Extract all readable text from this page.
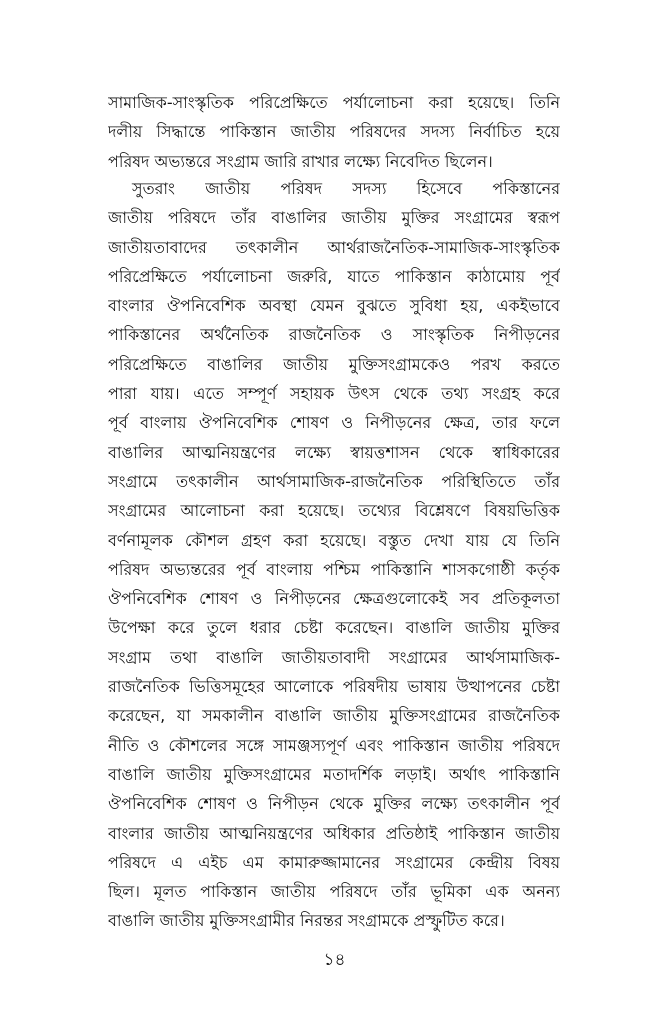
সামাজিক-সাংস্কৃতিক পরিপ্রেক্ষিতে পর্যালোচনা করা হয়েছে। তিনি
দলীয় সিদ্ধান্তে পাকিস্তান জাতীয় পরিষদের সদস্য নির্বাচিত হয়ে
পরিষদ অভ্যন্তরে সংগ্রাম জারি রাখার লক্ষ্যে নিবেদিত ছিলেন।
সুতরাং জাতীয় পরিষদ সদস্য হিসেবে পকিস্তানের
জাতীয় পরিষদে তাঁর বাঙালির জাতীয় মুক্তির সংগ্রামের স্বরূপ
জাতীয়তাবাদের তৎকালীন আর্থরাজনৈতিক-সামাজিক-সাংস্কৃতিক
পরিপ্রেক্ষিতে পর্যালোচনা জরুরি, যাতে পাকিস্তান কাঠামোয় পূর্ব
বাংলার ঔপনিবেশিক অবস্থা যেমন বুঝতে সুবিধা হয়, একইভাবে
পাকিস্তানের অর্থনৈতিক রাজনৈতিক ও সাংস্কৃতিক নিপীড়নের
পরিপ্রেক্ষিতে বাঙালির জাতীয় মুক্তিসংগ্রামকেও পরখ করতে
পারা যায়। এতে সম্পূর্ণ সহায়ক উৎস থেকে তথ্য সংগ্রহ করে
পূর্ব বাংলায় ঔপনিবেশিক শোষণ ও নিপীড়নের ক্ষেত্র, তার ফলে
বাঙালির আত্মনিয়ন্ত্রণের লক্ষ্যে স্বায়ত্তশাসন থেকে স্বাধিকারের
সংগ্রামে তৎকালীন আর্থসামাজিক-রাজনৈতিক পরিস্থিতিতে তাঁর
সংগ্রামের আলোচনা করা হয়েছে। তথ্যের বিশ্লেষণে বিষয়ভিত্তিক
বর্ণনামূলক কৌশল গ্রহণ করা হয়েছে। বস্তুত দেখা যায় যে তিনি
পরিষদ অভ্যন্তরের পূর্ব বাংলায় পশ্চিম পাকিস্তানি শাসকগোষ্ঠী কর্তৃক
ঔপনিবেশিক শোষণ ও নিপীড়নের ক্ষেত্রগুলোকেই সব প্রতিকূলতা
উপেক্ষা করে তুলে ধরার চেষ্টা করেছেন। বাঙালি জাতীয় মুক্তির
সংগ্রাম তথা বাঙালি জাতীয়তাবাদী সংগ্রামের আর্থসামাজিক-
রাজনৈতিক ভিত্তিসমূহের আলোকে পরিষদীয় ভাষায় উত্থাপনের চেষ্টা
করেছেন, যা সমকালীন বাঙালি জাতীয় মুক্তিসংগ্রামের রাজনৈতিক
নীতি ও কৌশলের সঙ্গে সামঞ্জস্যপূর্ণ এবং পাকিস্তান জাতীয় পরিষদে
বাঙালি জাতীয় মুক্তিসংগ্রামের মতাদর্শিক লড়াই। অর্থাৎ পাকিস্তানি
ঔপনিবেশিক শোষণ ও নিপীড়ন থেকে মুক্তির লক্ষ্যে তৎকালীন পূর্ব
বাংলার জাতীয় আত্মনিয়ন্ত্রণের অধিকার প্রতিষ্ঠাই পাকিস্তান জাতীয়
পরিষদে এ এইচ এম কামারুজ্জামানের সংগ্রামের কেন্দ্রীয় বিষয়
ছিল। মূলত পাকিস্তান জাতীয় পরিষদে তাঁর ভূমিকা এক অনন্য
বাঙালি জাতীয় মুক্তিসংগ্রামীর নিরন্তর সংগ্রামকে প্রস্ফুটিত করে।
১৪
